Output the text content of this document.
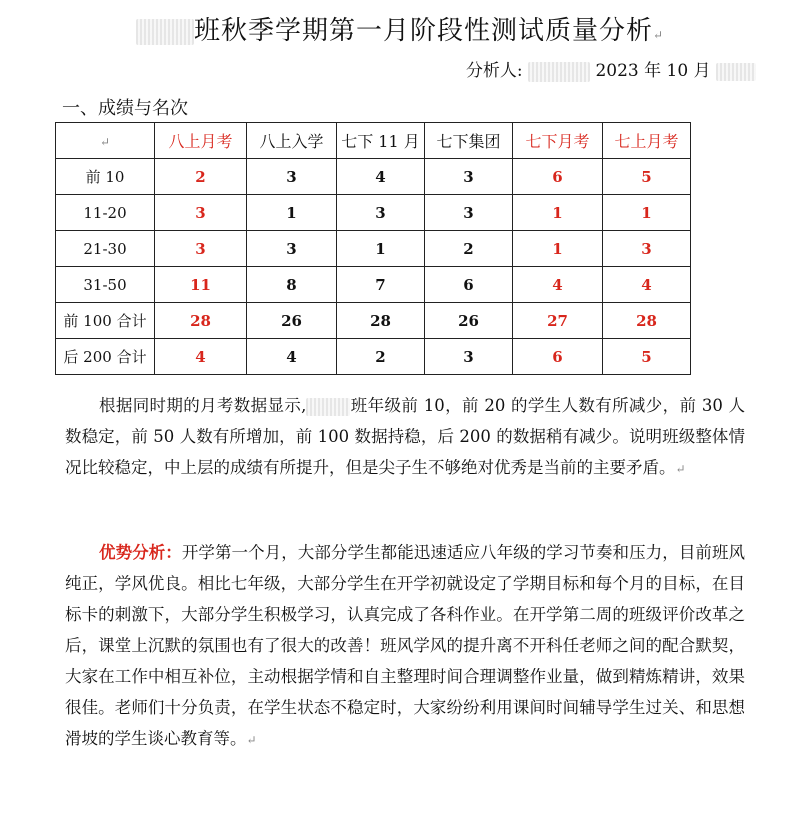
班秋季学期第一月阶段性测试质量分析↵
分析人:	2023 年 10 月
一、成绩与名次
↵	八上月考	八上入学	七下 11 月	七下集团	七下月考	七上月考
前 10	2	3	4	3	6	5
11-20	3	1	3	3	1	1
21-30	3	3	1	2	1	3
31-50	11	8	7	6	4	4
前 100 合计	28	26	28	26	27	28
后 200 合计	4	4	2	3	6	5
根据同时期的月考数据显示,	班年级前 10，前 20 的学生人数有所减少，前 30 人数稳定，前 50 人数有所增加，前 100 数据持稳，后 200 的数据稍有减少。说明班级整体情况比较稳定，中上层的成绩有所提升，但是尖子生不够绝对优秀是当前的主要矛盾。↵
优势分析：开学第一个月，大部分学生都能迅速适应八年级的学习节奏和压力，目前班风纯正，学风优良。相比七年级，大部分学生在开学初就设定了学期目标和每个月的目标，在目标卡的刺激下，大部分学生积极学习，认真完成了各科作业。在开学第二周的班级评价改革之后，课堂上沉默的氛围也有了很大的改善！班风学风的提升离不开科任老师之间的配合默契，大家在工作中相互补位，主动根据学情和自主整理时间合理调整作业量，做到精炼精讲，效果很佳。老师们十分负责，在学生状态不稳定时，大家纷纷利用课间时间辅导学生过关、和思想滑坡的学生谈心教育等。↵
